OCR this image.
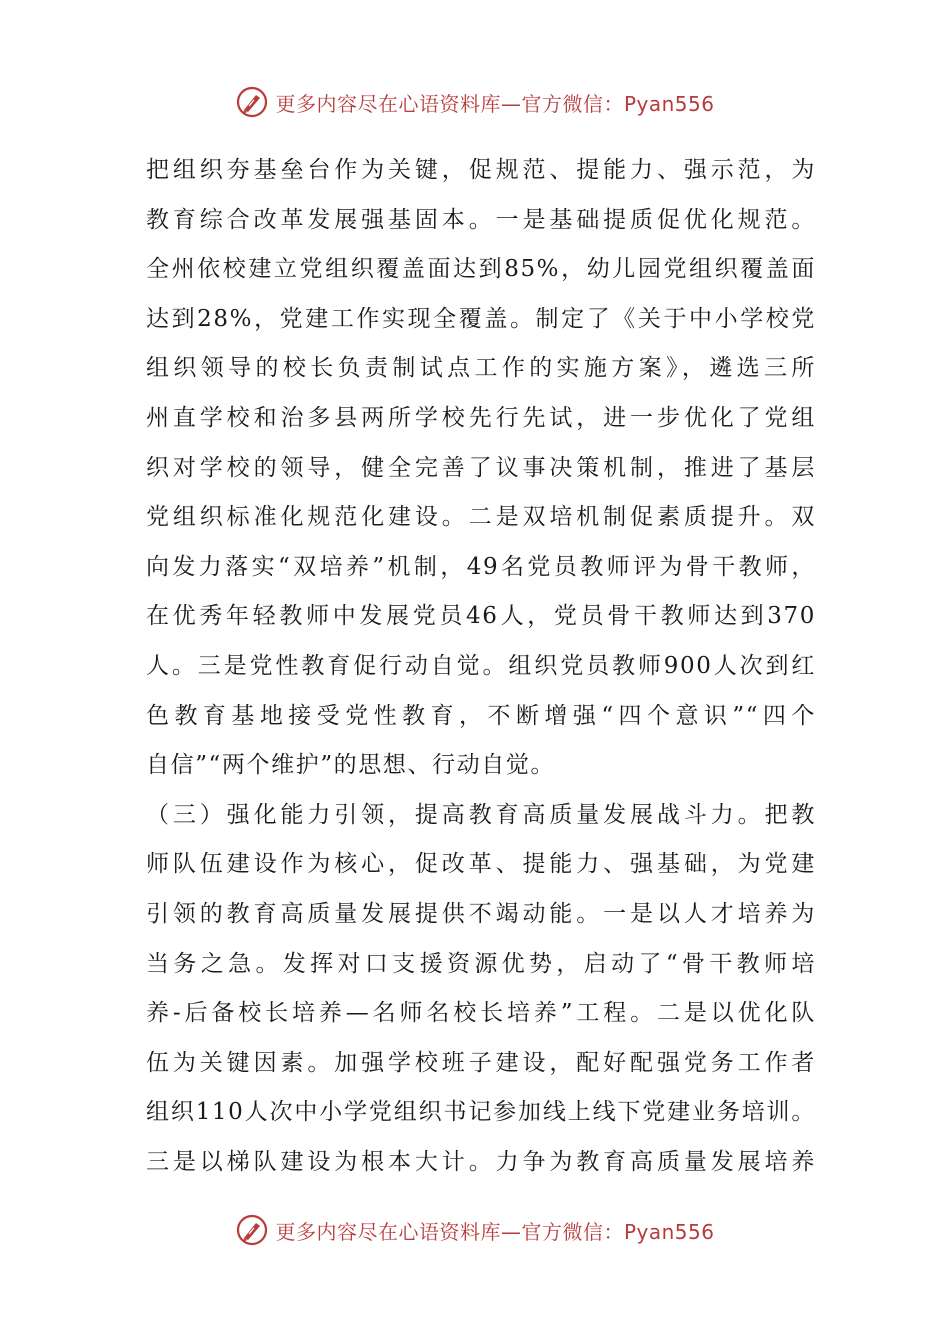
更多内容尽在心语资料库—官方微信：Pyan556
把组织夯基垒台作为关键，促规范、提能力、强示范，为
教育综合改革发展强基固本。一是基础提质促优化规范。
全州依校建立党组织覆盖面达到85%，幼儿园党组织覆盖面
达到28%，党建工作实现全覆盖。制定了《关于中小学校党
组织领导的校长负责制试点工作的实施方案》，遴选三所
州直学校和治多县两所学校先行先试，进一步优化了党组
织对学校的领导，健全完善了议事决策机制，推进了基层
党组织标准化规范化建设。二是双培机制促素质提升。双
向发力落实“双培养”机制，49名党员教师评为骨干教师，
在优秀年轻教师中发展党员46人，党员骨干教师达到370
人。三是党性教育促行动自觉。组织党员教师900人次到红
色教育基地接受党性教育，不断增强“四个意识”“四个
自信”“两个维护”的思想、行动自觉。
（三）强化能力引领，提高教育高质量发展战斗力。把教
师队伍建设作为核心，促改革、提能力、强基础，为党建
引领的教育高质量发展提供不竭动能。一是以人才培养为
当务之急。发挥对口支援资源优势，启动了“骨干教师培
养-后备校长培养—名师名校长培养”工程。二是以优化队
伍为关键因素。加强学校班子建设，配好配强党务工作者
组织110人次中小学党组织书记参加线上线下党建业务培训。
三是以梯队建设为根本大计。力争为教育高质量发展培养
更多内容尽在心语资料库—官方微信：Pyan556
